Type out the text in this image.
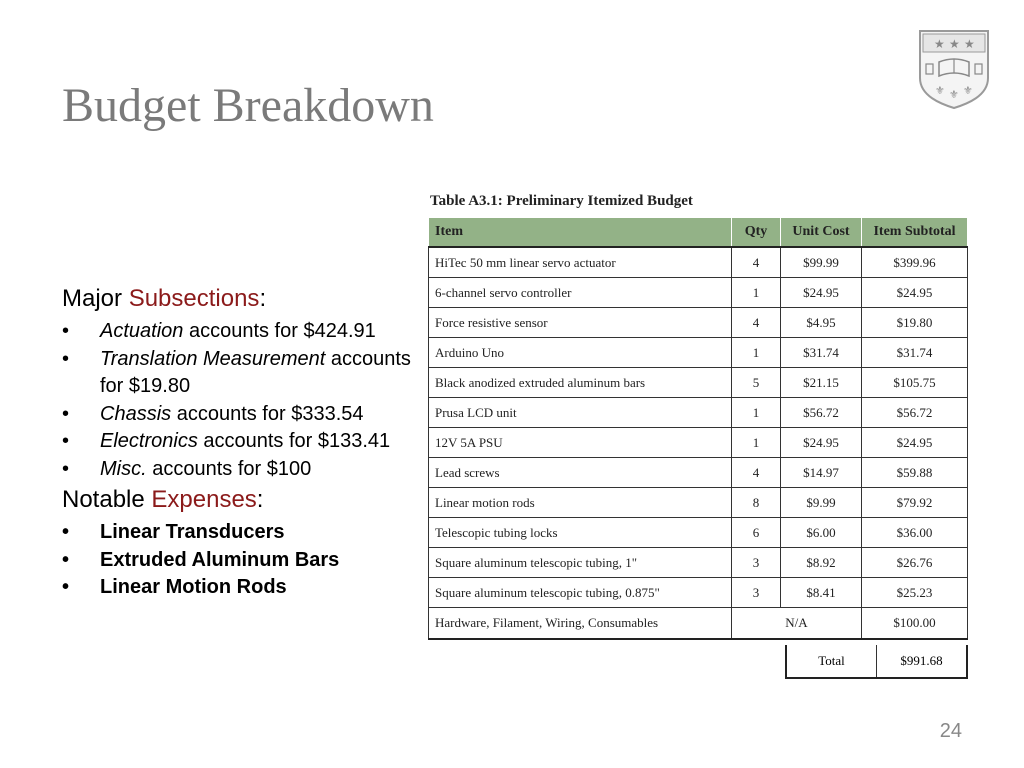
Budget Breakdown
★ ★ ★
⚜ ⚜ ⚜

Major Subsections:

• Actuation accounts for $424.91
• Translation Measurement accounts for $19.80
• Chassis accounts for $333.54
• Electronics accounts for $133.41
• Misc. accounts for $100

Notable Expenses:

• Linear Transducers
• Extruded Aluminum Bars
• Linear Motion Rods
Table A3.1: Preliminary Itemized Budget
Item	Qty	Unit Cost	Item Subtotal
HiTec 50 mm linear servo actuator	4	$99.99	$399.96
6-channel servo controller	1	$24.95	$24.95
Force resistive sensor	4	$4.95	$19.80
Arduino Uno	1	$31.74	$31.74
Black anodized extruded aluminum bars	5	$21.15	$105.75
Prusa LCD unit	1	$56.72	$56.72
12V 5A PSU	1	$24.95	$24.95
Lead screws	4	$14.97	$59.88
Linear motion rods	8	$9.99	$79.92
Telescopic tubing locks	6	$6.00	$36.00
Square aluminum telescopic tubing, 1"	3	$8.92	$26.76
Square aluminum telescopic tubing, 0.875"	3	$8.41	$25.23
Hardware, Filament, Wiring, Consumables	N/A		$100.00
Total	$991.68
24
